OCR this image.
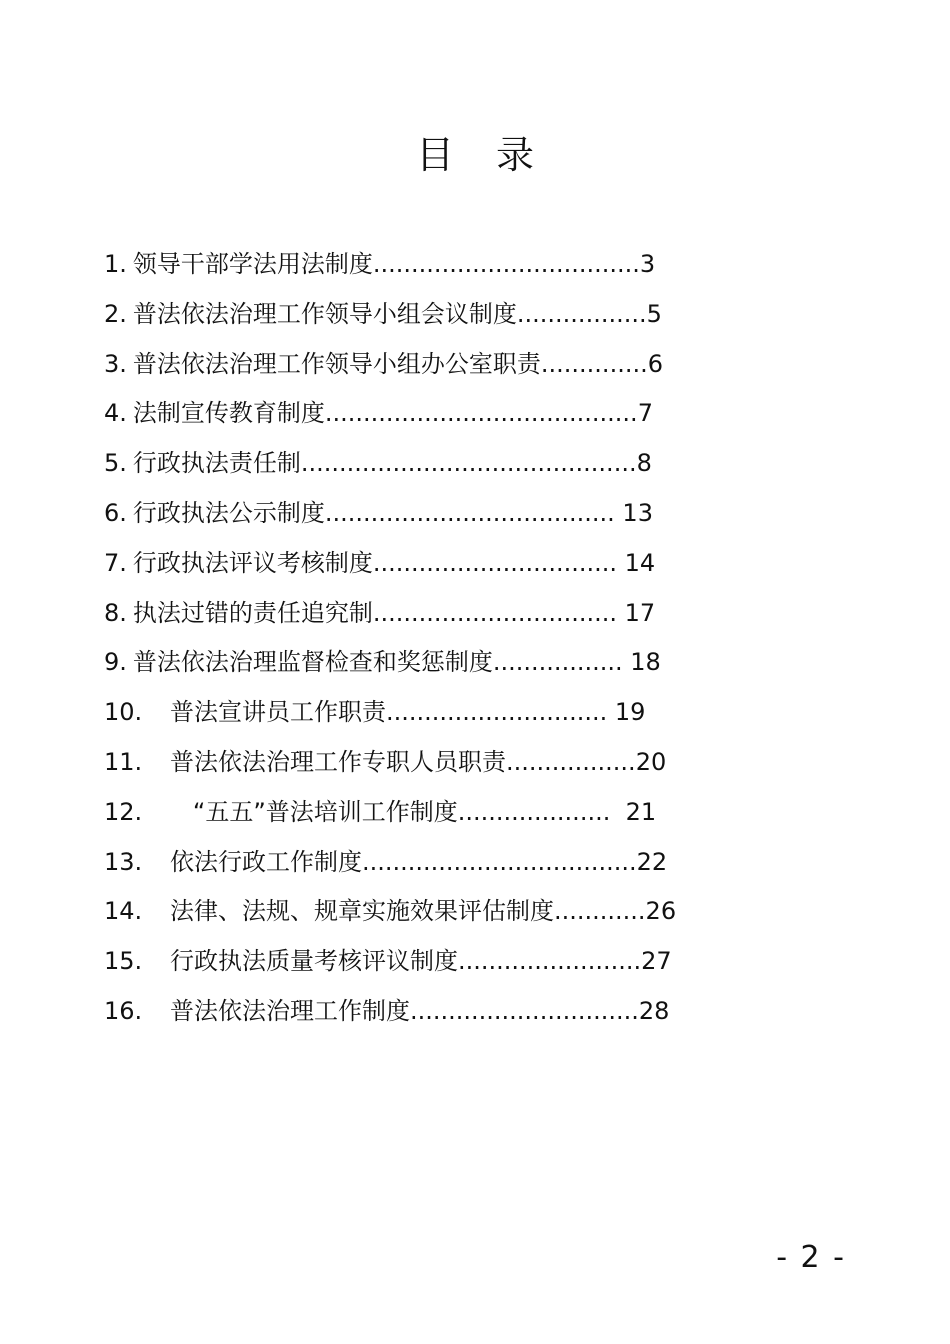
目录
1. 领导干部学法用法制度...................................3
2. 普法依法治理工作领导小组会议制度.................5
3. 普法依法治理工作领导小组办公室职责..............6
4. 法制宣传教育制度.........................................7
5. 行政执法责任制............................................8
6. 行政执法公示制度...................................... 13
7. 行政执法评议考核制度................................ 14
8. 执法过错的责任追究制................................ 17
9. 普法依法治理监督检查和奖惩制度................. 18
10. 普法宣讲员工作职责............................. 19
11. 普法依法治理工作专职人员职责.................20
12.   “五五”普法培训工作制度....................  21
13. 依法行政工作制度....................................22
14. 法律、法规、规章实施效果评估制度............26
15. 行政执法质量考核评议制度........................27
16. 普法依法治理工作制度..............................28
- 2 -
